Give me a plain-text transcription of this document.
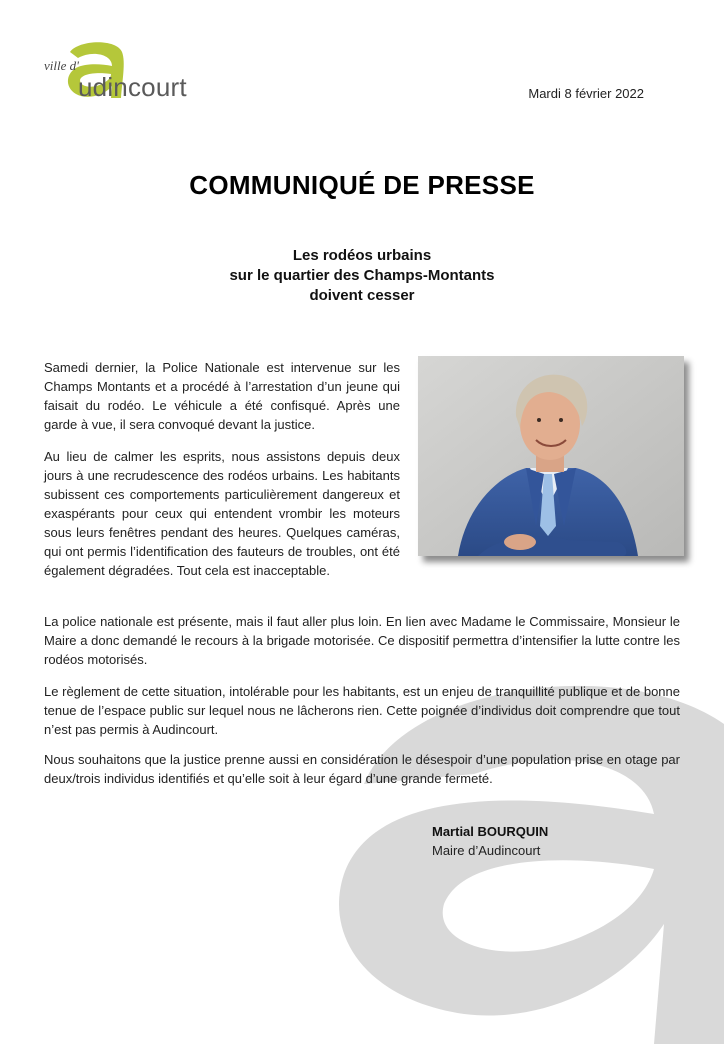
ville d'
udincourt	Mardi 8 février 2022
COMMUNIQUÉ DE PRESSE
Les rodéos urbains
sur le quartier des Champs-Montants
doivent cesser

Samedi dernier, la Police Nationale est intervenue sur les Champs Montants et a procédé à l’arrestation d’un jeune qui faisait du rodéo. Le véhicule a été confisqué. Après une garde à vue, il sera convoqué devant la justice.

Au lieu de calmer les esprits, nous assistons depuis deux jours à une recrudescence des rodéos urbains. Les habitants subissent ces comportements particulièrement dangereux et exaspérants pour ceux qui entendent vrombir les moteurs sous leurs fenêtres pendant des heures. Quelques caméras, qui ont permis l’identification des fauteurs de troubles, ont été également dégradées. Tout cela est inacceptable.

La police nationale est présente, mais il faut aller plus loin. En lien avec Madame le Commissaire, Monsieur le Maire a donc demandé le recours à la brigade motorisée. Ce dispositif permettra d’intensifier la lutte contre les rodéos motorisés.

Le règlement de cette situation, intolérable pour les habitants, est un enjeu de tranquillité publique et de bonne tenue de l’espace public sur lequel nous ne lâcherons rien. Cette poignée d’individus doit comprendre que tout n’est pas permis à Audincourt.

Nous souhaitons que la justice prenne aussi en considération le désespoir d’une population prise en otage par deux/trois individus identifiés et qu’elle soit à leur égard d’une grande fermeté.

Martial BOURQUIN
Maire d’Audincourt
